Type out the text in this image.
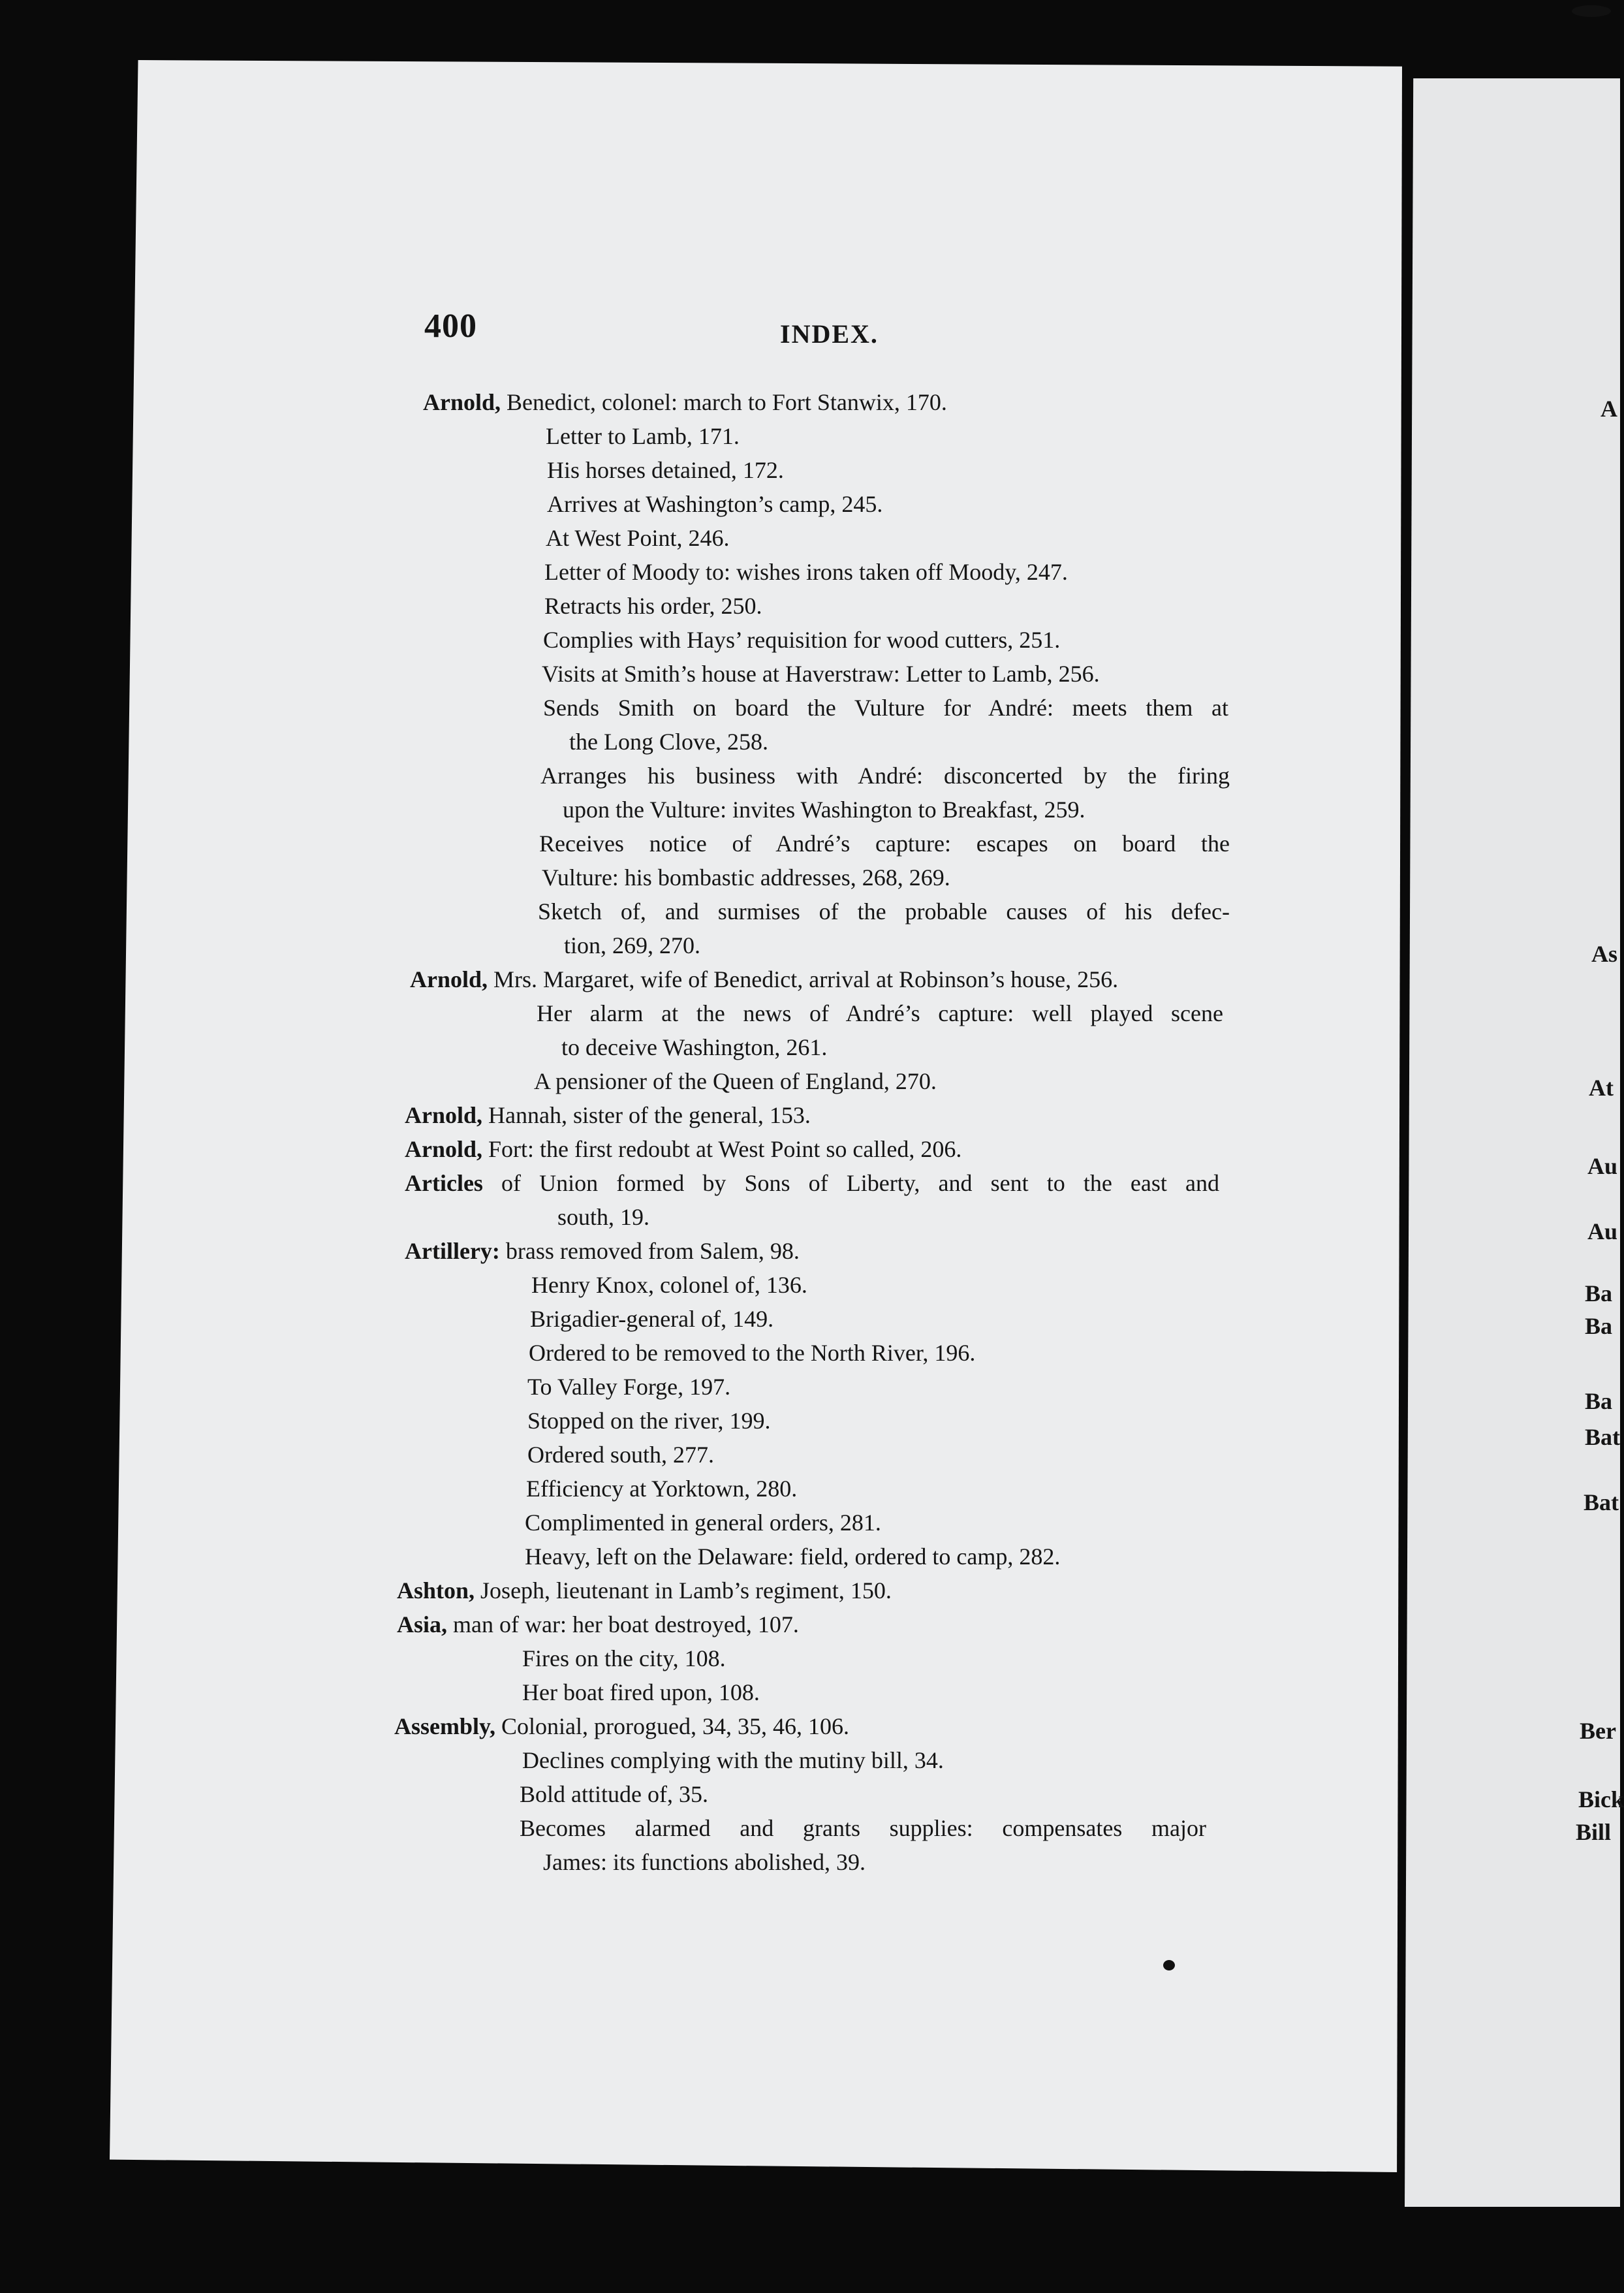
400	INDEX.
Arnold, Benedict, colonel: march to Fort Stanwix, 170.
Letter to Lamb, 171.
His horses detained, 172.
Arrives at Washington’s camp, 245.
At West Point, 246.
Letter of Moody to: wishes irons taken off Moody, 247.
Retracts his order, 250.
Complies with Hays’ requisition for wood cutters, 251.
Visits at Smith’s house at Haverstraw: Letter to Lamb, 256.
Sends Smith on board the Vulture for André: meets them at
the Long Clove, 258.
Arranges his business with André: disconcerted by the firing
upon the Vulture: invites Washington to Breakfast, 259.
Receives notice of André’s capture: escapes on board the
Vulture: his bombastic addresses, 268, 269.
Sketch of, and surmises of the probable causes of his defec-
tion, 269, 270.
Arnold, Mrs. Margaret, wife of Benedict, arrival at Robinson’s house, 256.
Her alarm at the news of André’s capture: well played scene
to deceive Washington, 261.
A pensioner of the Queen of England, 270.
Arnold, Hannah, sister of the general, 153.
Arnold, Fort: the first redoubt at West Point so called, 206.
Articles of Union formed by Sons of Liberty, and sent to the east and
south, 19.
Artillery: brass removed from Salem, 98.
Henry Knox, colonel of, 136.
Brigadier-general of, 149.
Ordered to be removed to the North River, 196.
To Valley Forge, 197.
Stopped on the river, 199.
Ordered south, 277.
Efficiency at Yorktown, 280.
Complimented in general orders, 281.
Heavy, left on the Delaware: field, ordered to camp, 282.
Ashton, Joseph, lieutenant in Lamb’s regiment, 150.
Asia, man of war: her boat destroyed, 107.
Fires on the city, 108.
Her boat fired upon, 108.
Assembly, Colonial, prorogued, 34, 35, 46, 106.
Declines complying with the mutiny bill, 34.
Bold attitude of, 35.
Becomes alarmed and grants supplies: compensates major
James: its functions abolished, 39.
A
As
At
Au
Au
Ba
Ba
Ba
Bat
Bat
Ber
Bick
Bill
